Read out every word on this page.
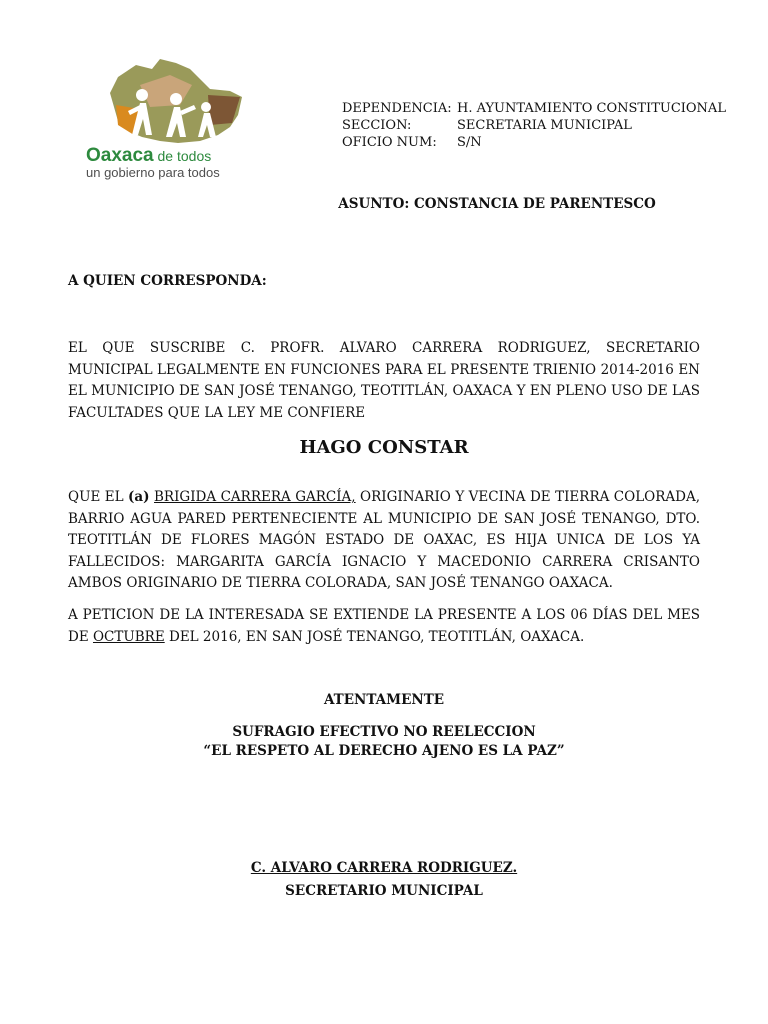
Oaxaca de todos
un gobierno para todos
DEPENDENCIA: H. AYUNTAMIENTO CONSTITUCIONAL
SECCION:	SECRETARIA MUNICIPAL
OFICIO NUM:	S/N
ASUNTO: CONSTANCIA DE PARENTESCO
A QUIEN CORRESPONDA:
EL QUE SUSCRIBE C. PROFR. ALVARO CARRERA RODRIGUEZ, SECRETARIO MUNICIPAL LEGALMENTE EN FUNCIONES PARA EL PRESENTE TRIENIO 2014-2016 EN EL MUNICIPIO DE SAN JOSÉ TENANGO, TEOTITLÁN, OAXACA Y EN PLENO USO DE LAS FACULTADES QUE LA LEY ME CONFIERE
HAGO CONSTAR
QUE EL (a) BRIGIDA CARRERA GARCÍA, ORIGINARIO Y VECINA DE TIERRA COLORADA, BARRIO AGUA PARED PERTENECIENTE AL MUNICIPIO DE SAN JOSÉ TENANGO, DTO. TEOTITLÁN DE FLORES MAGÓN ESTADO DE OAXAC, ES HIJA UNICA DE LOS YA FALLECIDOS: MARGARITA GARCÍA IGNACIO Y MACEDONIO CARRERA CRISANTO AMBOS ORIGINARIO DE TIERRA COLORADA, SAN JOSÉ TENANGO OAXACA.
A PETICION DE LA INTERESADA SE EXTIENDE LA PRESENTE A LOS 06 DÍAS DEL MES DE OCTUBRE DEL 2016, EN SAN JOSÉ TENANGO, TEOTITLÁN, OAXACA.
ATENTAMENTE
SUFRAGIO EFECTIVO NO REELECCION
“EL RESPETO AL DERECHO AJENO ES LA PAZ”
C. ALVARO CARRERA RODRIGUEZ.
SECRETARIO MUNICIPAL
